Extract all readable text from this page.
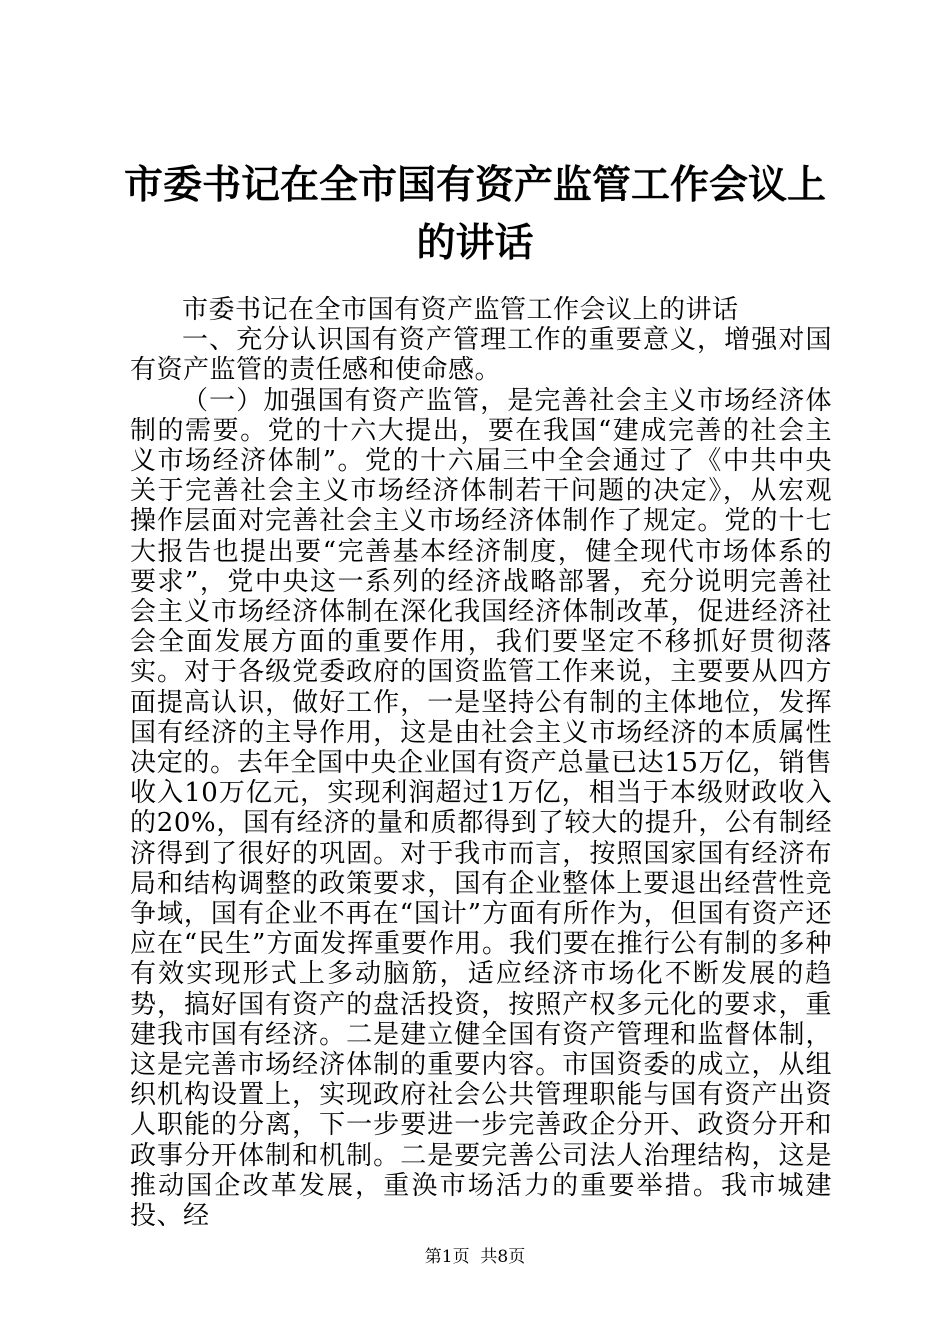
市委书记在全市国有资产监管工作会议上的讲话

市委书记在全市国有资产监管工作会议上的讲话

一、充分认识国有资产管理工作的重要意义，增强对国有资产监管的责任感和使命感。

（一）加强国有资产监管，是完善社会主义市场经济体制的需要。党的十六大提出，要在我国“建成完善的社会主义市场经济体制”。党的十六届三中全会通过了《中共中央关于完善社会主义市场经济体制若干问题的决定》，从宏观操作层面对完善社会主义市场经济体制作了规定。党的十七大报告也提出要“完善基本经济制度，健全现代市场体系的要求”，党中央这一系列的经济战略部署，充分说明完善社会主义市场经济体制在深化我国经济体制改革，促进经济社会全面发展方面的重要作用，我们要坚定不移抓好贯彻落实。对于各级党委政府的国资监管工作来说，主要要从四方面提高认识，做好工作，一是坚持公有制的主体地位，发挥国有经济的主导作用，这是由社会主义市场经济的本质属性决定的。去年全国中央企业国有资产总量已达15万亿，销售收入10万亿元，实现利润超过1万亿，相当于本级财政收入的20%，国有经济的量和质都得到了较大的提升，公有制经济得到了很好的巩固。对于我市而言，按照国家国有经济布局和结构调整的政策要求，国有企业整体上要退出经营性竞争域，国有企业不再在“国计”方面有所作为，但国有资产还应在“民生”方面发挥重要作用。我们要在推行公有制的多种有效实现形式上多动脑筋，适应经济市场化不断发展的趋势，搞好国有资产的盘活投资，按照产权多元化的要求，重建我市国有经济。二是建立健全国有资产管理和监督体制，这是完善市场经济体制的重要内容。市国资委的成立，从组织机构设置上，实现政府社会公共管理职能与国有资产出资人职能的分离，下一步要进一步完善政企分开、政资分开和政事分开体制和机制。二是要完善公司法人治理结构，这是推动国企改革发展，重涣市场活力的重要举措。我市城建投、经

第1页  共8页
